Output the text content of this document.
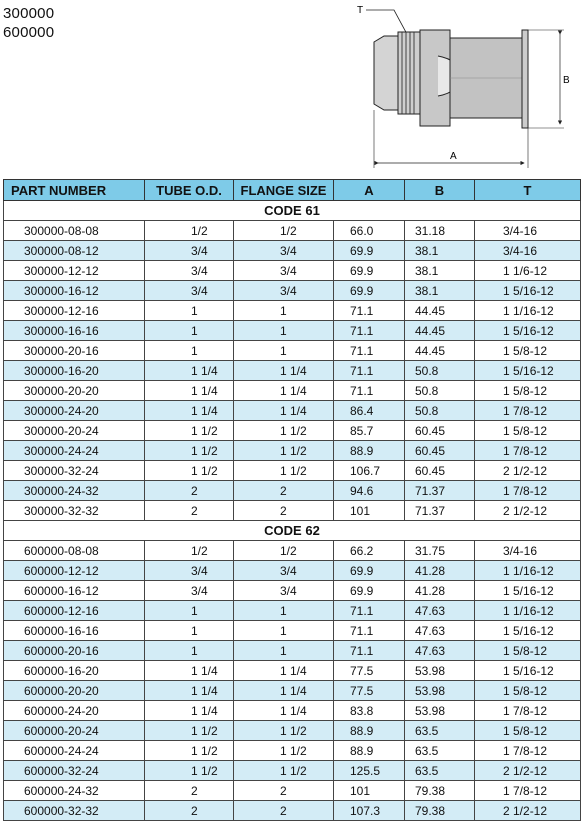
300000
600000
T
B
A
PART NUMBER	TUBE O.D.	FLANGE SIZE	A	B	T
CODE 61					
300000-08-08	1/2	1/2	66.0	31.18	3/4-16
300000-08-12	3/4	3/4	69.9	38.1	3/4-16
300000-12-12	3/4	3/4	69.9	38.1	1 1/6-12
300000-16-12	3/4	3/4	69.9	38.1	1 5/16-12
300000-12-16	1	1	71.1	44.45	1 1/16-12
300000-16-16	1	1	71.1	44.45	1 5/16-12
300000-20-16	1	1	71.1	44.45	1 5/8-12
300000-16-20	1 1/4	1 1/4	71.1	50.8	1 5/16-12
300000-20-20	1 1/4	1 1/4	71.1	50.8	1 5/8-12
300000-24-20	1 1/4	1 1/4	86.4	50.8	1 7/8-12
300000-20-24	1 1/2	1 1/2	85.7	60.45	1 5/8-12
300000-24-24	1 1/2	1 1/2	88.9	60.45	1 7/8-12
300000-32-24	1 1/2	1 1/2	106.7	60.45	2 1/2-12
300000-24-32	2	2	94.6	71.37	1 7/8-12
300000-32-32	2	2	101	71.37	2 1/2-12
CODE 62					
600000-08-08	1/2	1/2	66.2	31.75	3/4-16
600000-12-12	3/4	3/4	69.9	41.28	1 1/16-12
600000-16-12	3/4	3/4	69.9	41.28	1 5/16-12
600000-12-16	1	1	71.1	47.63	1 1/16-12
600000-16-16	1	1	71.1	47.63	1 5/16-12
600000-20-16	1	1	71.1	47.63	1 5/8-12
600000-16-20	1 1/4	1 1/4	77.5	53.98	1 5/16-12
600000-20-20	1 1/4	1 1/4	77.5	53.98	1 5/8-12
600000-24-20	1 1/4	1 1/4	83.8	53.98	1 7/8-12
600000-20-24	1 1/2	1 1/2	88.9	63.5	1 5/8-12
600000-24-24	1 1/2	1 1/2	88.9	63.5	1 7/8-12
600000-32-24	1 1/2	1 1/2	125.5	63.5	2 1/2-12
600000-24-32	2	2	101	79.38	1 7/8-12
600000-32-32	2	2	107.3	79.38	2 1/2-12
